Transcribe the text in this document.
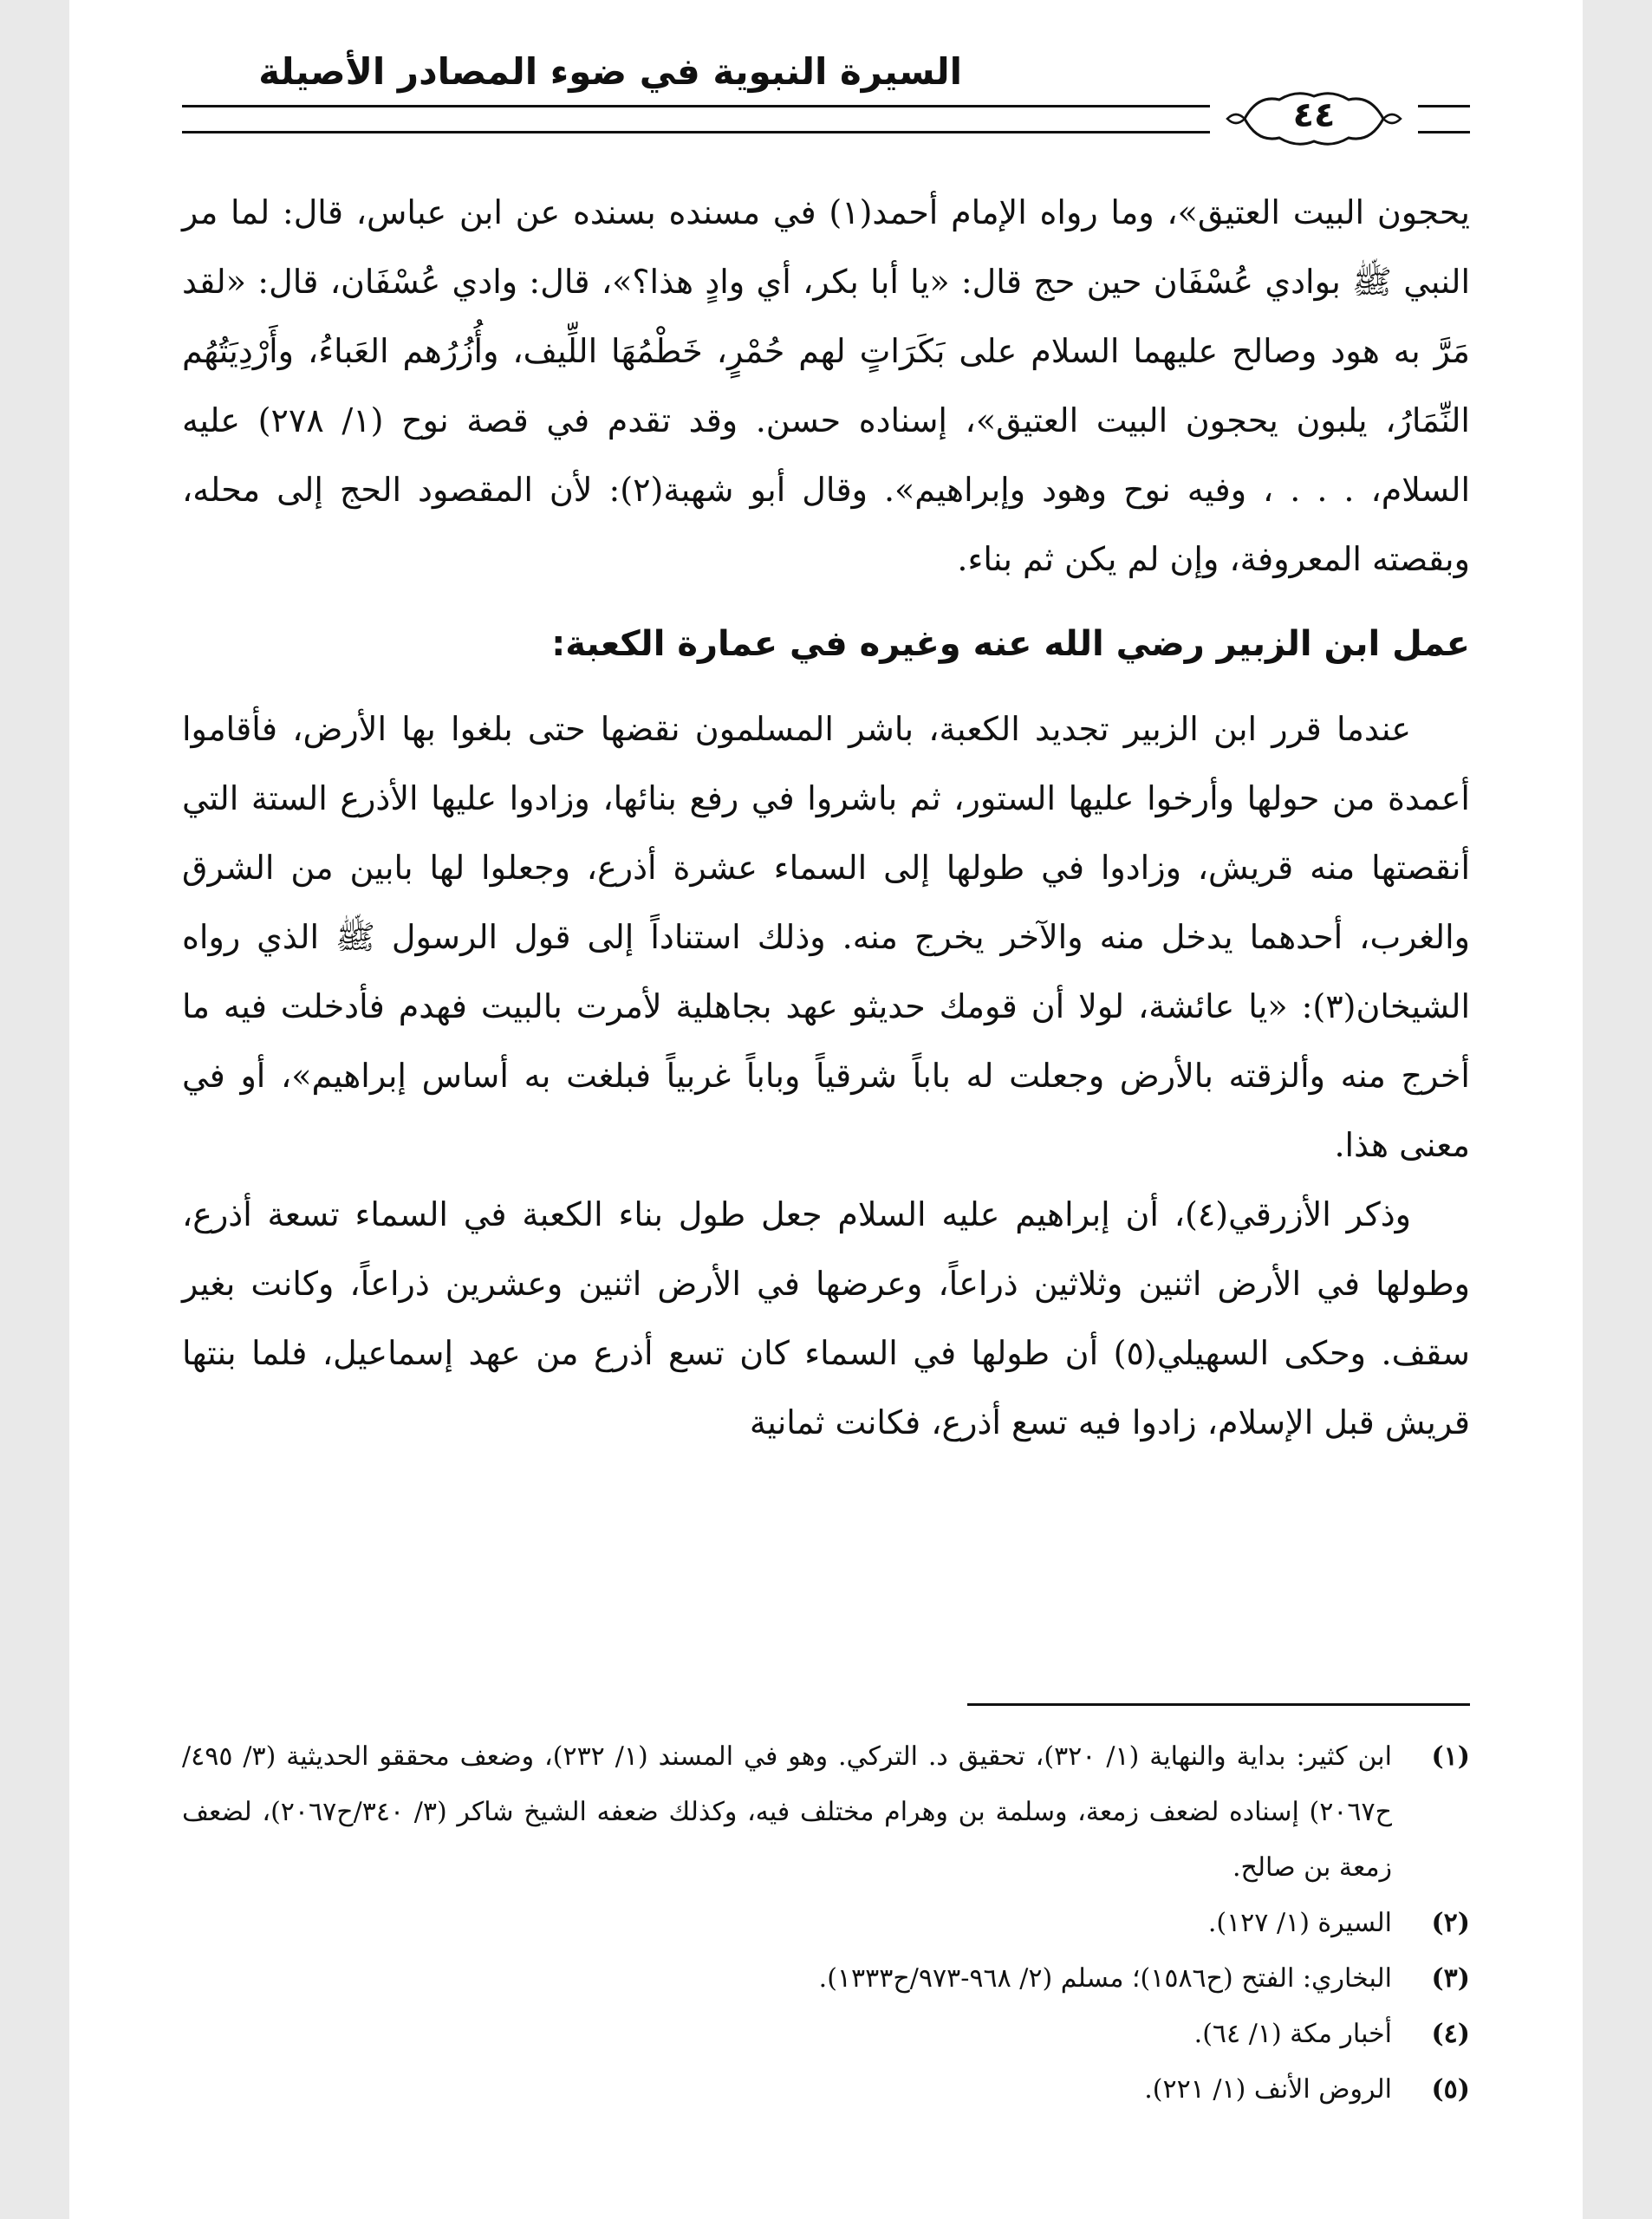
السيرة النبوية في ضوء المصادر الأصيلة
٤٤

يحجون البيت العتيق»، وما رواه الإمام أحمد(١) في مسنده بسنده عن ابن عباس، قال: لما مر النبي ﷺ بوادي عُسْفَان حين حج قال: «يا أبا بكر، أي وادٍ هذا؟»، قال: وادي عُسْفَان، قال: «لقد مَرَّ به هود وصالح عليهما السلام على بَكَرَاتٍ لهم حُمْرٍ، خَطْمُهَا اللِّيف، وأُزُرُهم العَباءُ، وأَرْدِيَتُهُم النِّمَارُ، يلبون يحجون البيت العتيق»، إسناده حسن. وقد تقدم في قصة نوح (١/ ٢٧٨) عليه السلام، . . . ، وفيه نوح وهود وإبراهيم». وقال أبو شهبة(٢): لأن المقصود الحج إلى محله، وبقصته المعروفة، وإن لم يكن ثم بناء.

عمل ابن الزبير رضي الله عنه وغيره في عمارة الكعبة:

عندما قرر ابن الزبير تجديد الكعبة، باشر المسلمون نقضها حتى بلغوا بها الأرض، فأقاموا أعمدة من حولها وأرخوا عليها الستور، ثم باشروا في رفع بنائها، وزادوا عليها الأذرع الستة التي أنقصتها منه قريش، وزادوا في طولها إلى السماء عشرة أذرع، وجعلوا لها بابين من الشرق والغرب، أحدهما يدخل منه والآخر يخرج منه. وذلك استناداً إلى قول الرسول ﷺ الذي رواه الشيخان(٣): «يا عائشة، لولا أن قومك حديثو عهد بجاهلية لأمرت بالبيت فهدم فأدخلت فيه ما أخرج منه وألزقته بالأرض وجعلت له باباً شرقياً وباباً غربياً فبلغت به أساس إبراهيم»، أو في معنى هذا.

وذكر الأزرقي(٤)، أن إبراهيم عليه السلام جعل طول بناء الكعبة في السماء تسعة أذرع، وطولها في الأرض اثنين وثلاثين ذراعاً، وعرضها في الأرض اثنين وعشرين ذراعاً، وكانت بغير سقف. وحكى السهيلي(٥) أن طولها في السماء كان تسع أذرع من عهد إسماعيل، فلما بنتها قريش قبل الإسلام، زادوا فيه تسع أذرع، فكانت ثمانية

(١)
ابن كثير: بداية والنهاية (١/ ٣٢٠)، تحقيق د. التركي. وهو في المسند (١/ ٢٣٢)، وضعف محققو الحديثية (٣/ ٤٩٥/ح٢٠٦٧) إسناده لضعف زمعة، وسلمة بن وهرام مختلف فيه، وكذلك ضعفه الشيخ شاكر (٣/ ٣٤٠/ح٢٠٦٧)، لضعف زمعة بن صالح.
(٢)
السيرة (١/ ١٢٧).
(٣)
البخاري: الفتح (ح١٥٨٦)؛ مسلم (٢/ ٩٦٨-٩٧٣/ح١٣٣٣).
(٤)
أخبار مكة (١/ ٦٤).
(٥)
الروض الأنف (١/ ٢٢١).
